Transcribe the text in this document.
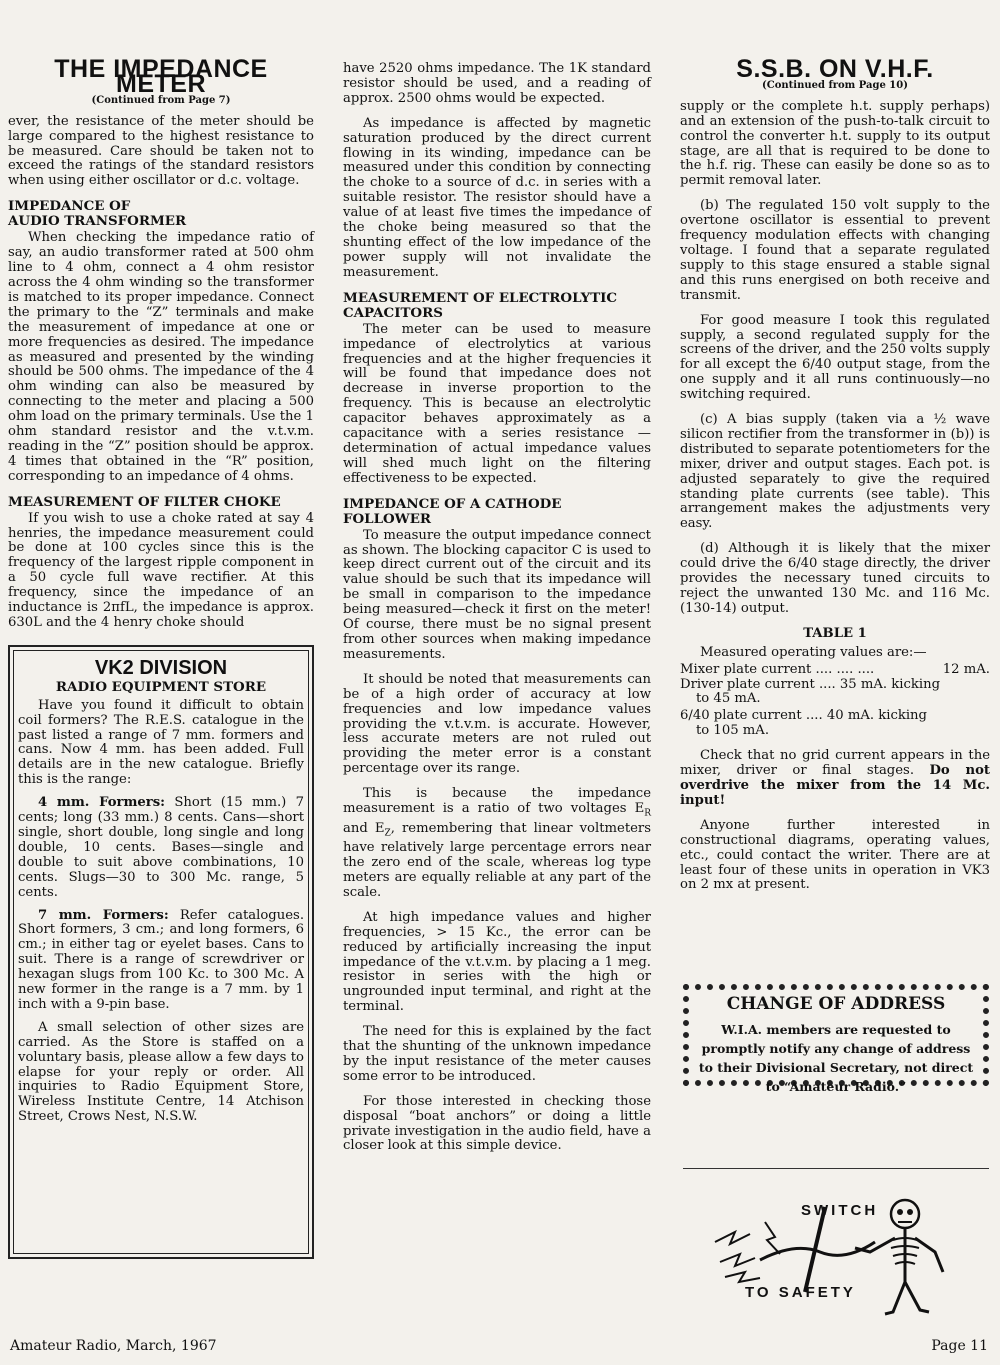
THE IMPEDANCE METER
(Continued from Page 7)

ever, the resistance of the meter should be large compared to the highest resistance to be measured. Care should be taken not to exceed the ratings of the standard resistors when using either oscillator or d.c. voltage.

IMPEDANCE OF
AUDIO TRANSFORMER

When checking the impedance ratio of say, an audio transformer rated at 500 ohm line to 4 ohm, connect a 4 ohm resistor across the 4 ohm winding so the transformer is matched to its proper impedance. Connect the primary to the “Z” terminals and make the measurement of impedance at one or more frequencies as desired. The impedance as measured and presented by the winding should be 500 ohms. The impedance of the 4 ohm winding can also be measured by connecting to the meter and placing a 500 ohm load on the primary terminals. Use the 1 ohm standard resistor and the v.t.v.m. reading in the “Z” position should be approx. 4 times that obtained in the “R” position, corresponding to an impedance of 4 ohms.

MEASUREMENT OF FILTER CHOKE

If you wish to use a choke rated at say 4 henries, the impedance measurement could be done at 100 cycles since this is the frequency of the largest ripple component in a 50 cycle full wave rectifier. At this frequency, since the impedance of an inductance is 2πfL, the impedance is approx. 630L and the 4 henry choke should

VK2 DIVISION
RADIO EQUIPMENT STORE

Have you found it difficult to obtain coil formers? The R.E.S. catalogue in the past listed a range of 7 mm. formers and cans. Now 4 mm. has been added. Full details are in the new catalogue. Briefly this is the range:

4 mm. Formers: Short (15 mm.) 7 cents; long (33 mm.) 8 cents. Cans—short single, short double, long single and long double, 10 cents. Bases—single and double to suit above combinations, 10 cents. Slugs—30 to 300 Mc. range, 5 cents.

7 mm. Formers: Refer catalogues. Short formers, 3 cm.; and long formers, 6 cm.; in either tag or eyelet bases. Cans to suit. There is a range of screwdriver or hexagan slugs from 100 Kc. to 300 Mc. A new former in the range is a 7 mm. by 1 inch with a 9-pin base.

A small selection of other sizes are carried. As the Store is staffed on a voluntary basis, please allow a few days to elapse for your reply or order. All inquiries to Radio Equipment Store, Wireless Institute Centre, 14 Atchison Street, Crows Nest, N.S.W.

have 2520 ohms impedance. The 1K standard resistor should be used, and a reading of approx. 2500 ohms would be expected.

As impedance is affected by magnetic saturation produced by the direct current flowing in its winding, impedance can be measured under this condition by connecting the choke to a source of d.c. in series with a suitable resistor. The resistor should have a value of at least five times the impedance of the choke being measured so that the shunting effect of the low impedance of the power supply will not invalidate the measurement.

MEASUREMENT OF ELECTROLYTIC CAPACITORS

The meter can be used to measure impedance of electrolytics at various frequencies and at the higher frequencies it will be found that impedance does not decrease in inverse proportion to the frequency. This is because an electrolytic capacitor behaves approximately as a capacitance with a series resistance — determination of actual impedance values will shed much light on the filtering effectiveness to be expected.

IMPEDANCE OF A CATHODE FOLLOWER

To measure the output impedance connect as shown. The blocking capacitor C is used to keep direct current out of the circuit and its value should be such that its impedance will be small in comparison to the impedance being measured—check it first on the meter! Of course, there must be no signal present from other sources when making impedance measurements.

It should be noted that measurements can be of a high order of accuracy at low frequencies and low impedance values providing the v.t.v.m. is accurate. However, less accurate meters are not ruled out providing the meter error is a constant percentage over its range.

This is because the impedance measurement is a ratio of two voltages $E_R$ and $E_Z$, remembering that linear voltmeters have relatively large percentage errors near the zero end of the scale, whereas log type meters are equally reliable at any part of the scale.

At high impedance values and higher frequencies, > 15 Kc., the error can be reduced by artificially increasing the input impedance of the v.t.v.m. by placing a 1 meg. resistor in series with the high or ungrounded input terminal, and right at the terminal.

The need for this is explained by the fact that the shunting of the unknown impedance by the input resistance of the meter causes some error to be introduced.

For those interested in checking those disposal “boat anchors” or doing a little private investigation in the audio field, have a closer look at this simple device.

S.S.B. ON V.H.F.
(Continued from Page 10)

supply or the complete h.t. supply perhaps) and an extension of the push-to-talk circuit to control the converter h.t. supply to its output stage, are all that is required to be done to the h.f. rig. These can easily be done so as to permit removal later.

(b) The regulated 150 volt supply to the overtone oscillator is essential to prevent frequency modulation effects with changing voltage. I found that a separate regulated supply to this stage ensured a stable signal and this runs energised on both receive and transmit.

For good measure I took this regulated supply, a second regulated supply for the screens of the driver, and the 250 volts supply for all except the 6/40 output stage, from the one supply and it all runs continuously—no switching required.

(c) A bias supply (taken via a ½ wave silicon rectifier from the transformer in (b)) is distributed to separate potentiometers for the mixer, driver and output stages. Each pot. is adjusted separately to give the required standing plate currents (see table). This arrangement makes the adjustments very easy.

(d) Although it is likely that the mixer could drive the 6/40 stage directly, the driver provides the necessary tuned circuits to reject the unwanted 130 Mc. and 116 Mc. (130-14) output.

TABLE 1

Measured operating values are:—

Mixer plate current .... .... ....	12 mA.
Driver plate current .... 35 mA. kicking
to 45 mA.
6/40 plate current .... 40 mA. kicking
to 105 mA.

Check that no grid current appears in the mixer, driver or final stages. Do not overdrive the mixer from the 14 Mc. input!

Anyone further interested in constructional diagrams, operating values, etc., could contact the writer. There are at least four of these units in operation in VK3 on 2 mx at present.

CHANGE OF ADDRESS
W.I.A. members are requested to promptly notify any change of address to their Divisional Secretary, not direct to “Amateur Radio.”
SWITCH
TO SAFETY
Amateur Radio, March, 1967	Page 11
